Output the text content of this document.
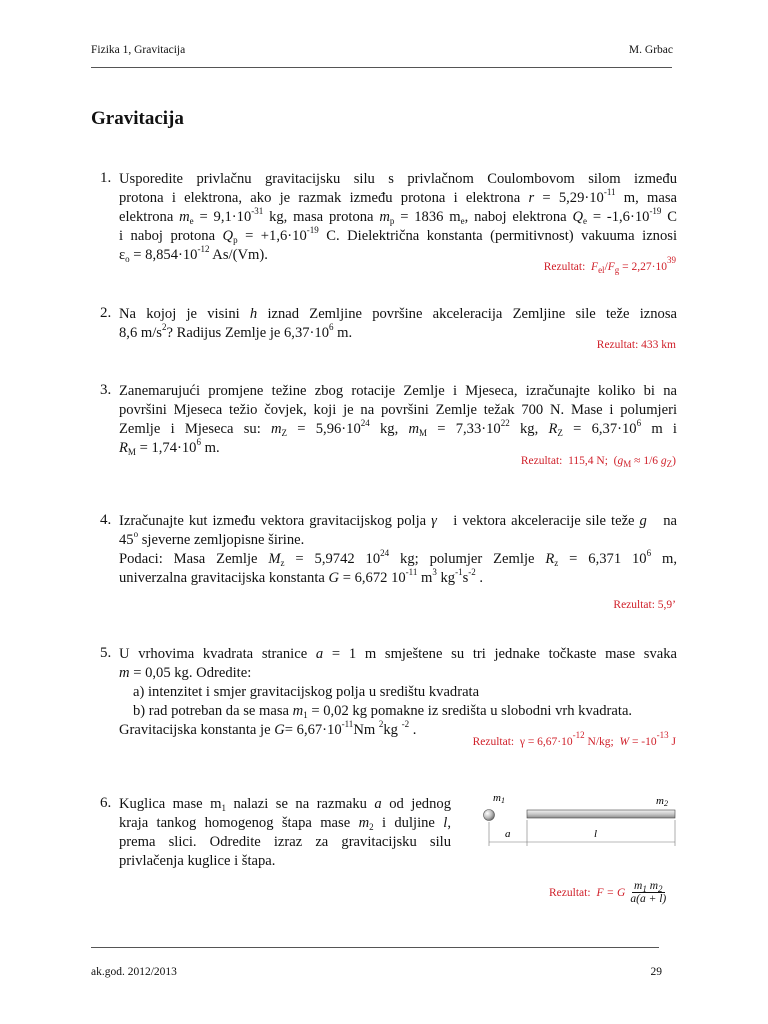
Fizika 1, Gravitacija	M. Grbac
Gravitacija
1. Usporedite privlačnu gravitacijsku silu s privlačnom Coulombovom silom između
protona i elektrona, ako je razmak između protona i elektrona $r = 5,29\cdot 10^{-11}$ m, masa
elektrona $m_e = 9,1\cdot 10^{-31}$ kg, masa protona $m_p = 1836$ $m_e$, naboj elektrona $Q_e = -1,6\cdot 10^{-19}$ C
i naboj protona $Q_p = +1,6\cdot 10^{-19}$ C. Dielektrična konstanta (permitivnost) vakuuma iznosi
$\varepsilon_o = 8,854\cdot 10^{-12}$ As/(Vm).
Rezultat:  $F_{el}/F_g = 2,27\cdot 10^{39}$
2. Na kojoj je visini h iznad Zemljine površine akceleracija Zemljine sile teže iznosa
8,6 $m/s^2$? Radijus Zemlje je $6,37\cdot 10^6$ m.
Rezultat: 433 km
3. Zanemarujući promjene težine zbog rotacije Zemlje i Mjeseca, izračunajte koliko bi na
površini Mjeseca težio čovjek, koji je na površini Zemlje težak 700 N. Mase i polumjeri
Zemlje i Mjeseca su: $m_Z = 5,96\cdot 10^{24}$ kg, $m_M = 7,33\cdot 10^{22}$ kg, $R_Z = 6,37\cdot 10^6$ m i
$R_M = 1,74\cdot 10^6$ m.
Rezultat:  115,4 N;  ($g_M \approx 1/6$ $g_Z$)
4. Izračunajte kut između vektora gravitacijskog polja γ⃗ i vektora akceleracije sile teže g⃗ na
45$^o$ sjeverne zemljopisne širine.
Podaci: Masa Zemlje $M_z = 5,9742$ $10^{24}$ kg; polumjer Zemlje $R_z = 6,371$ $10^6$ m,
univerzalna gravitacijska konstanta G = 6,672 $10^{-11}$ $m^3$ $kg^{-1}s^{-2}$ .
Rezultat: 5,9’
5. U vrhovima kvadrata stranice a = 1 m smještene su tri jednake točkaste mase svaka
m = 0,05 kg. Odredite:
a) intenzitet i smjer gravitacijskog polja u središtu kvadrata
b) rad potreban da se masa $m_1 = 0,02$ kg pomakne iz središta u slobodni vrh kvadrata.
Gravitacijska konstanta je $G= 6,67\cdot 10^{-11}Nm$ $^2$kg $^{-2}$ .
Rezultat:  $\gamma = 6,67\cdot 10^{-12}$ N/kg;  $W = -10^{-13}$ J
6. Kuglica mase $m_1$ nalazi se na razmaku a od jednog
kraja tankog homogenog štapa mase $m_2$ i duljine l,
prema slici. Odredite izraz za gravitacijsku silu
privlačenja kuglice i štapa.
m1	m2
a	l
Rezultat: F = G $\frac{m_1 m_2}{a(a + l)}$
ak.god. 2012/2013	29
